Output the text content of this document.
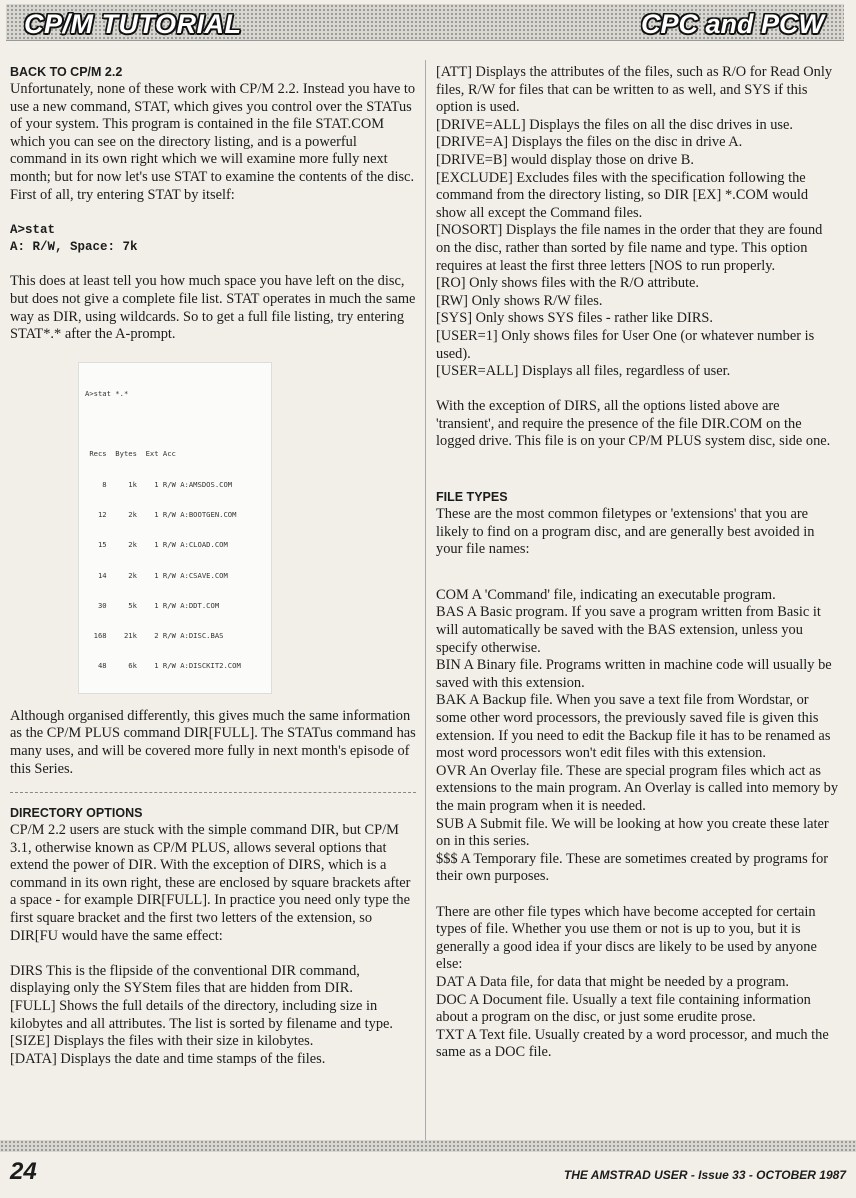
CP/M TUTORIAL	CPC and PCW
BACK TO CP/M 2.2

Unfortunately, none of these work with CP/M 2.2. Instead you have to use a new command, STAT, which gives you control over the STATus of your system. This program is contained in the file STAT.COM which you can see on the directory listing, and is a powerful command in its own right which we will examine more fully next month; but for now let's use STAT to examine the contents of the disc. First of all, try entering STAT by itself:

A>stat
A: R/W, Space: 7k

This does at least tell you how much space you have left on the disc, but does not give a complete file list. STAT operates in much the same way as DIR, using wildcards. So to get a full file listing, try entering STAT*.* after the A-prompt.

A>stat *.*

Recs  Bytes  Ext Acc

8     1k    1 R/W A:AMSDOS.COM

12     2k    1 R/W A:BOOTGEN.COM

15     2k    1 R/W A:CLOAD.COM

14     2k    1 R/W A:CSAVE.COM

30     5k    1 R/W A:DDT.COM

168    21k    2 R/W A:DISC.BAS

48     6k    1 R/W A:DISCKIT2.COM

Although organised differently, this gives much the same information as the CP/M PLUS command DIR[FULL]. The STATus command has many uses, and will be covered more fully in next month's episode of this Series.

DIRECTORY OPTIONS

CP/M 2.2 users are stuck with the simple command DIR, but CP/M 3.1, otherwise known as CP/M PLUS, allows several options that extend the power of DIR. With the exception of DIRS, which is a command in its own right, these are enclosed by square brackets after a space - for example DIR[FULL]. In practice you need only type the first square bracket and the first two letters of the extension, so DIR[FU would have the same effect:

DIRS This is the flipside of the conventional DIR command, displaying only the SYStem files that are hidden from DIR.

[FULL] Shows the full details of the directory, including size in kilobytes and all attributes. The list is sorted by filename and type.

[SIZE] Displays the files with their size in kilobytes.

[DATA] Displays the date and time stamps of the files.

[ATT] Displays the attributes of the files, such as R/O for Read Only files, R/W for files that can be written to as well, and SYS if this option is used.

[DRIVE=ALL] Displays the files on all the disc drives in use.

[DRIVE=A] Displays the files on the disc in drive A.

[DRIVE=B] would display those on drive B.

[EXCLUDE] Excludes files with the specification following the command from the directory listing, so DIR [EX] *.COM would show all except the Command files.

[NOSORT] Displays the file names in the order that they are found on the disc, rather than sorted by file name and type. This option requires at least the first three letters [NOS to run properly.

[RO] Only shows files with the R/O attribute.

[RW] Only shows R/W files.

[SYS] Only shows SYS files - rather like DIRS.

[USER=1] Only shows files for User One (or whatever number is used).

[USER=ALL] Displays all files, regardless of user.

With the exception of DIRS, all the options listed above are 'transient', and require the presence of the file DIR.COM on the logged drive. This file is on your CP/M PLUS system disc, side one.

FILE TYPES

These are the most common filetypes or 'extensions' that you are likely to find on a program disc, and are generally best avoided in your file names:

COM A 'Command' file, indicating an executable program.

BAS A Basic program. If you save a program written from Basic it will automatically be saved with the BAS extension, unless you specify otherwise.

BIN A Binary file. Programs written in machine code will usually be saved with this extension.

BAK A Backup file. When you save a text file from Wordstar, or some other word processors, the previously saved file is given this extension. If you need to edit the Backup file it has to be renamed as most word processors won't edit files with this extension.

OVR An Overlay file. These are special program files which act as extensions to the main program. An Overlay is called into memory by the main program when it is needed.

SUB A Submit file. We will be looking at how you create these later on in this series.

$$$ A Temporary file. These are sometimes created by programs for their own purposes.

There are other file types which have become accepted for certain types of file. Whether you use them or not is up to you, but it is generally a good idea if your discs are likely to be used by anyone else:

DAT A Data file, for data that might be needed by a program.

DOC A Document file. Usually a text file containing information about a program on the disc, or just some erudite prose.

TXT A Text file. Usually created by a word processor, and much the same as a DOC file.

24	THE AMSTRAD USER - Issue 33 - OCTOBER 1987
